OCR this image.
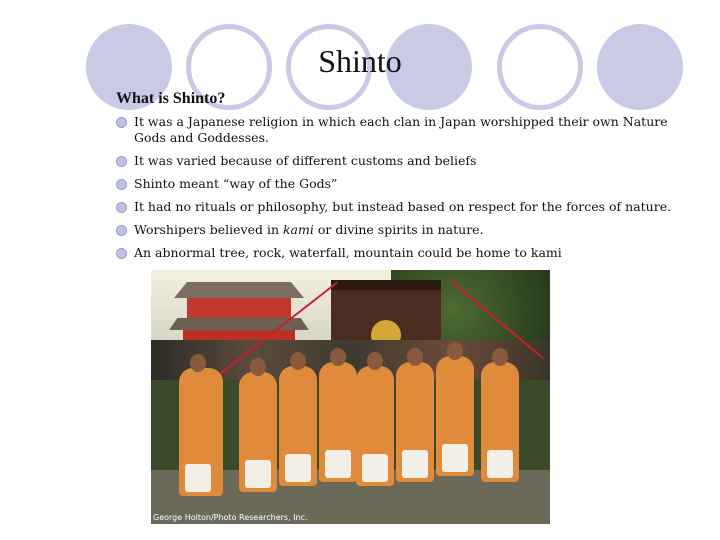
Shinto
What is Shinto?
It was a Japanese religion in which each clan in Japan worshipped their own Nature Gods and Goddesses.
It was varied because of different customs and beliefs
Shinto meant “way of the Gods”
It had no rituals or philosophy, but instead based on respect for the forces of nature.
Worshipers believed in kami or divine spirits in nature.
An abnormal tree, rock, waterfall, mountain could be home to kami
George Holton/Photo Researchers, Inc.
